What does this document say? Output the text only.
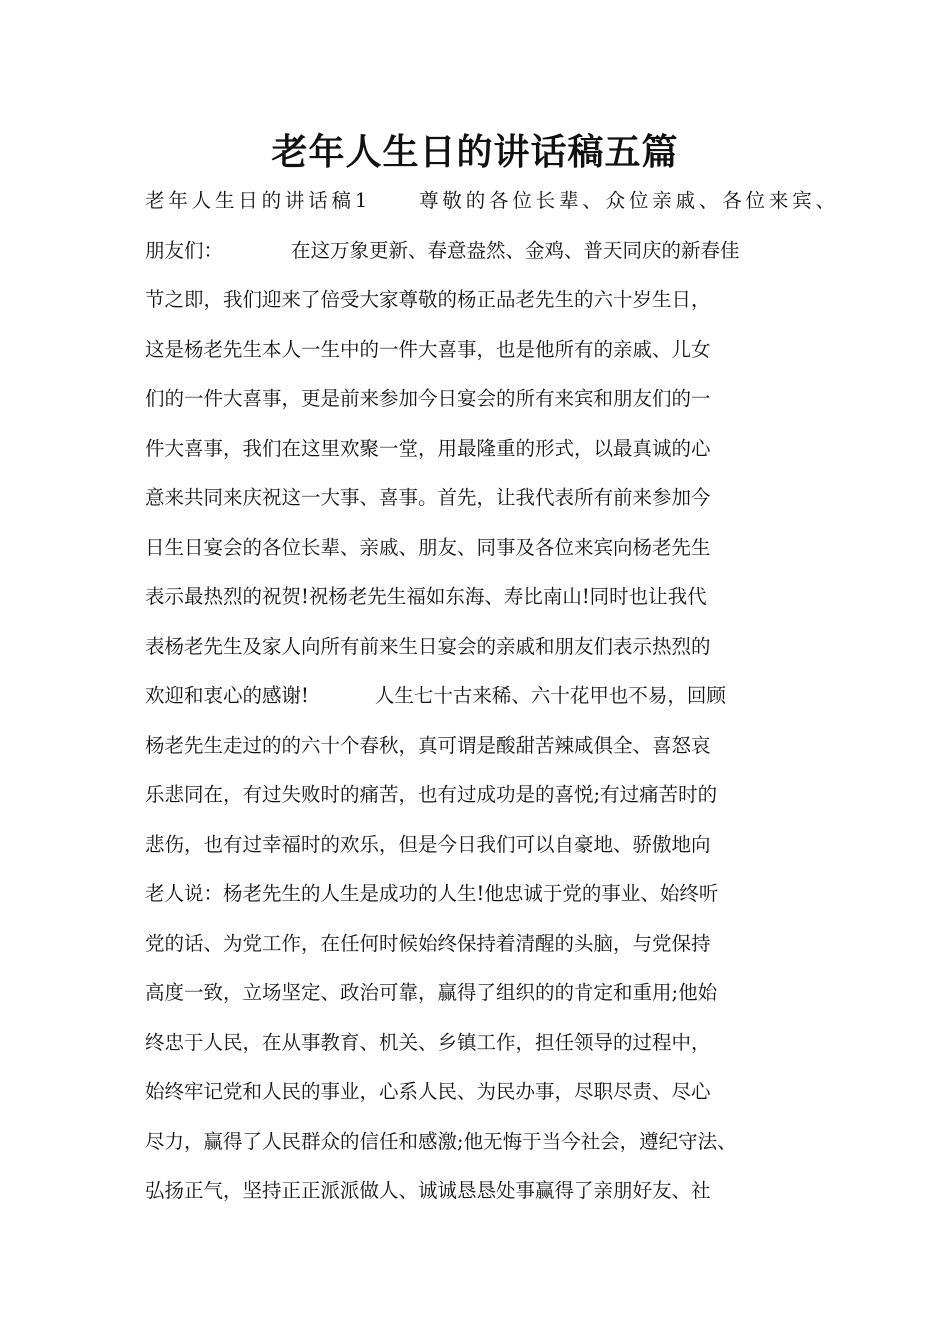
老年人生日的讲话稿五篇
老年人生日的讲话稿1 尊敬的各位长辈、众位亲戚、各位来宾、
朋友们：	在这万象更新、春意盎然、金鸡、普天同庆的新春佳
节之即，我们迎来了倍受大家尊敬的杨正品老先生的六十岁生日，
这是杨老先生本人一生中的一件大喜事，也是他所有的亲戚、儿女
们的一件大喜事，更是前来参加今日宴会的所有来宾和朋友们的一
件大喜事，我们在这里欢聚一堂，用最隆重的形式，以最真诚的心
意来共同来庆祝这一大事、喜事。首先，让我代表所有前来参加今
日生日宴会的各位长辈、亲戚、朋友、同事及各位来宾向杨老先生
表示最热烈的祝贺!祝杨老先生福如东海、寿比南山!同时也让我代
表杨老先生及家人向所有前来生日宴会的亲戚和朋友们表示热烈的
欢迎和衷心的感谢!	人生七十古来稀、六十花甲也不易，回顾
杨老先生走过的的六十个春秋，真可谓是酸甜苦辣咸俱全、喜怒哀
乐悲同在，有过失败时的痛苦，也有过成功是的喜悦;有过痛苦时的
悲伤，也有过幸福时的欢乐，但是今日我们可以自豪地、骄傲地向
老人说：杨老先生的人生是成功的人生!他忠诚于党的事业、始终听
党的话、为党工作，在任何时候始终保持着清醒的头脑，与党保持
高度一致，立场坚定、政治可靠，赢得了组织的的肯定和重用;他始
终忠于人民，在从事教育、机关、乡镇工作，担任领导的过程中，
始终牢记党和人民的事业，心系人民、为民办事，尽职尽责、尽心
尽力，赢得了人民群众的信任和感激;他无悔于当今社会，遵纪守法、
弘扬正气，坚持正正派派做人、诚诚恳恳处事赢得了亲朋好友、社
